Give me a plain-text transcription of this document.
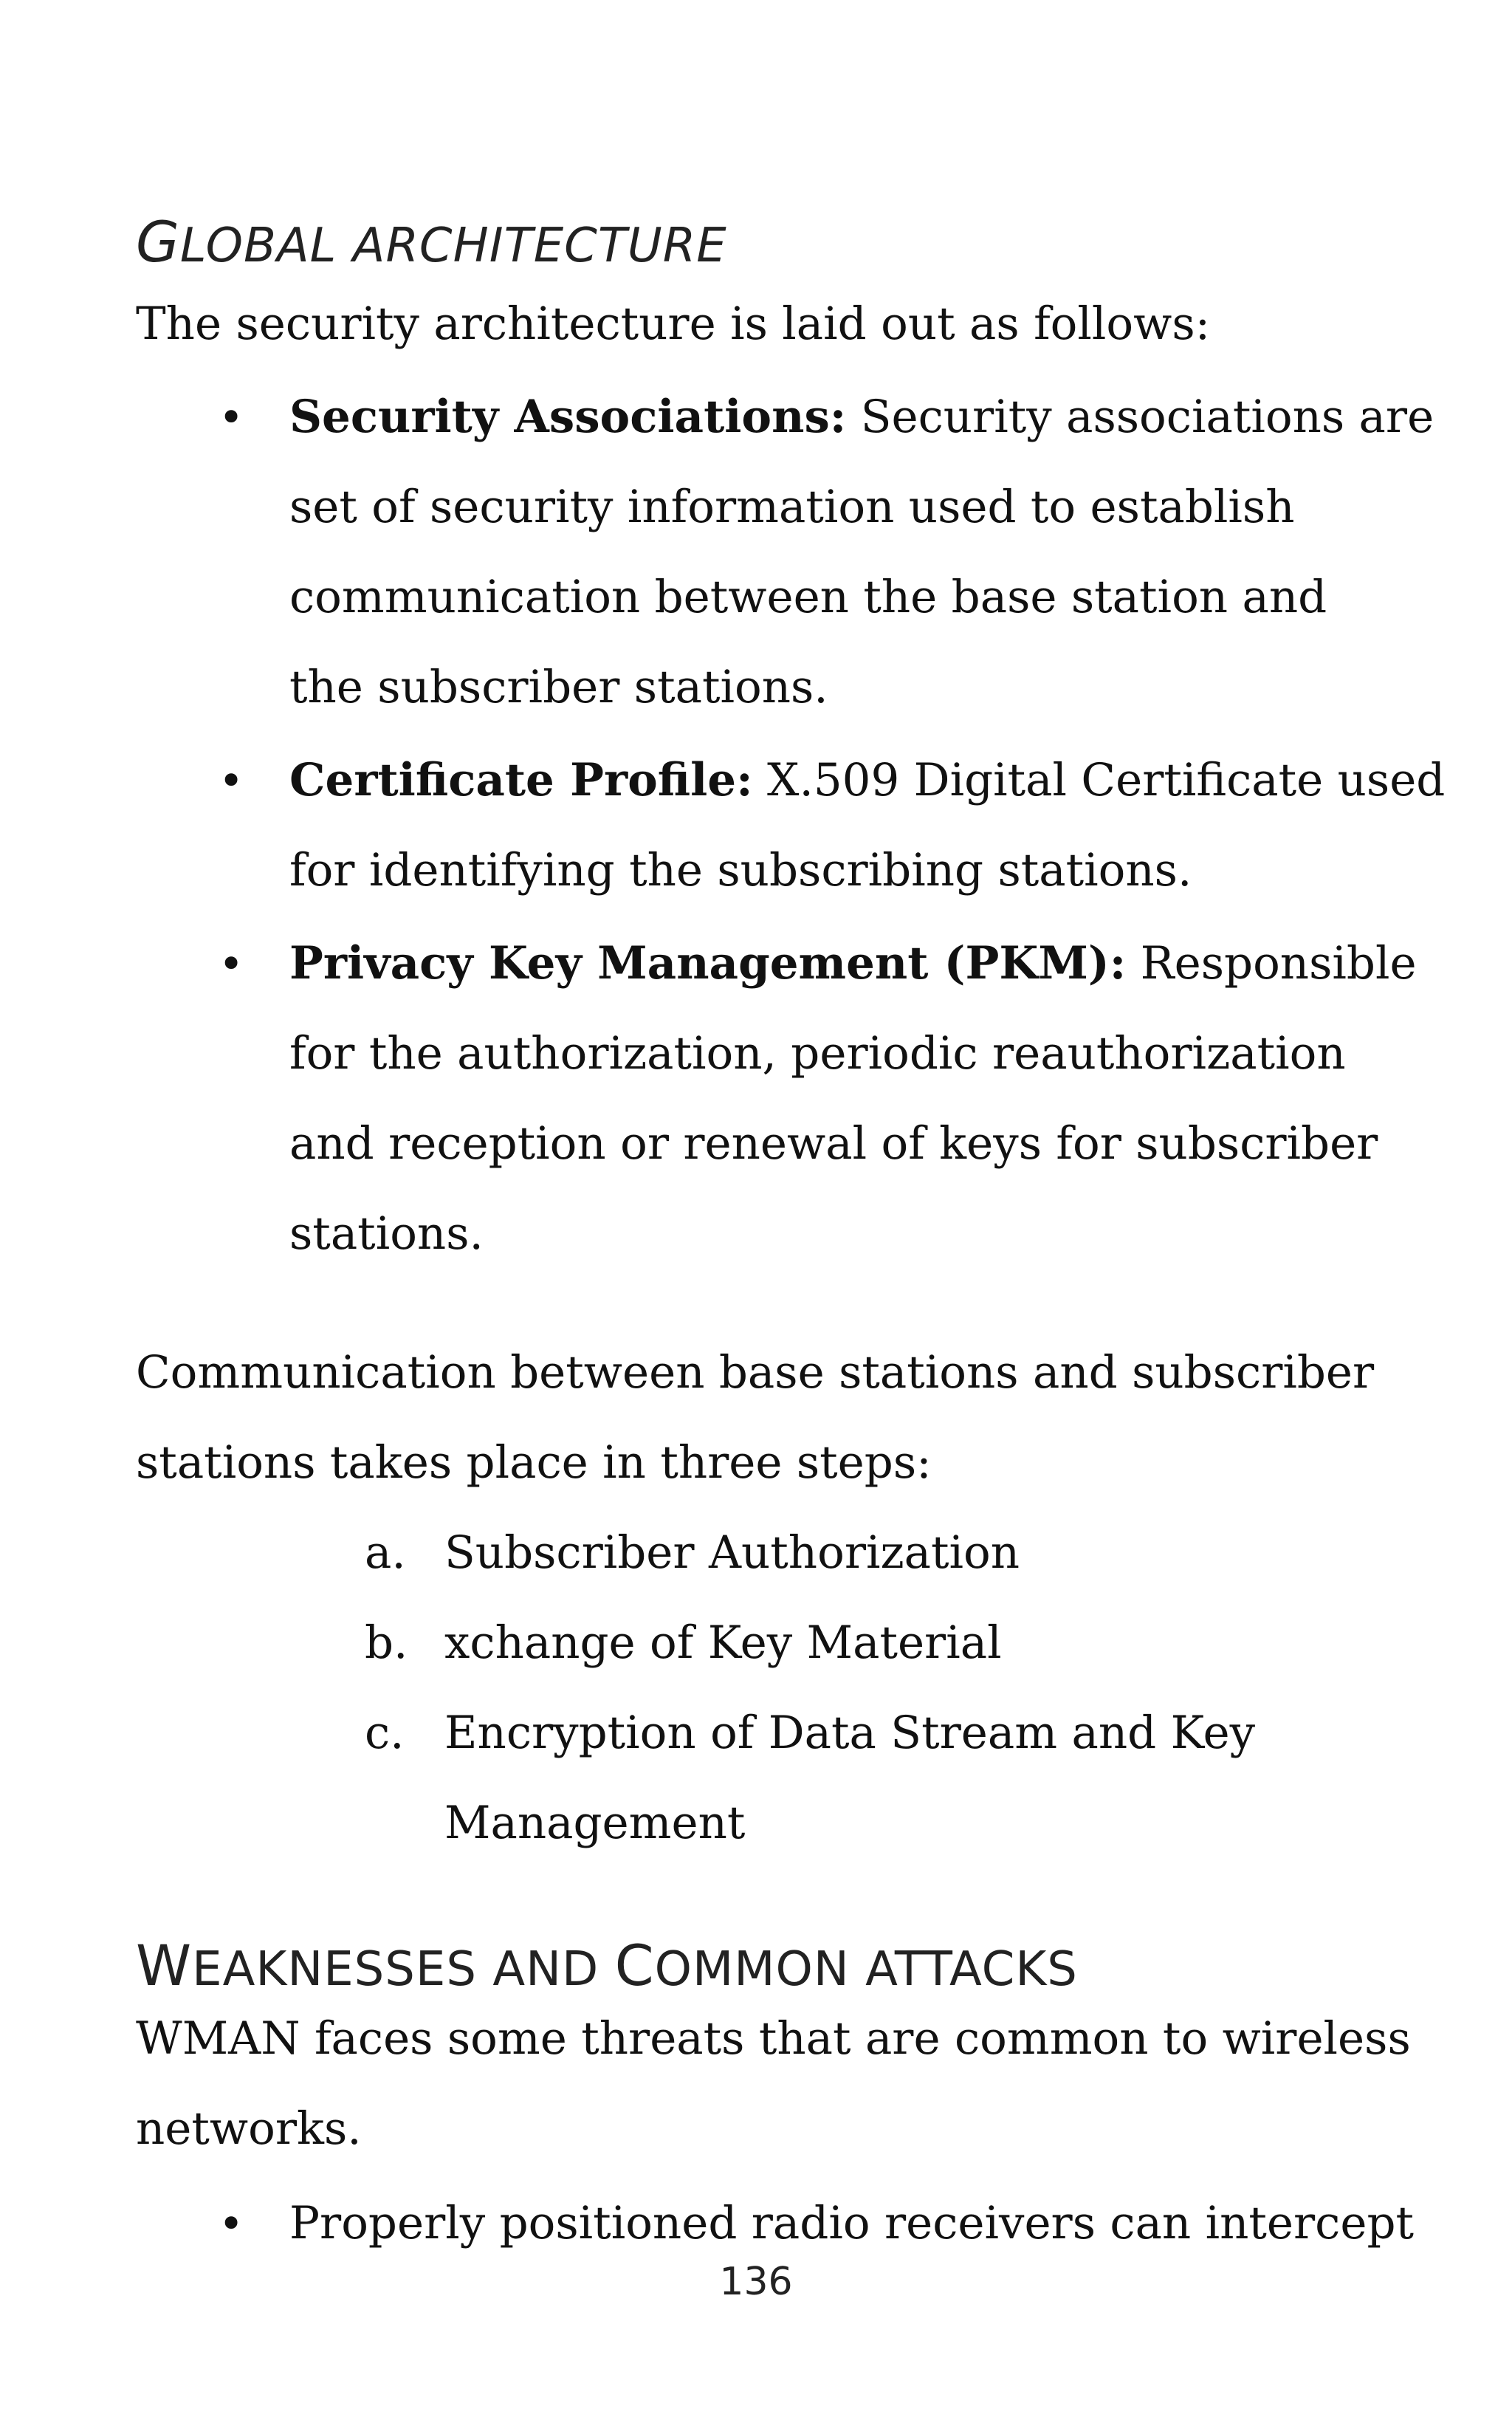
GLOBAL ARCHITECTURE

The security architecture is laid out as follows:

• Security Associations: Security associations are

set of security information used to establish

communication between the base station and

the subscriber stations.

• Certificate Profile: X.509 Digital Certificate used

for identifying the subscribing stations.

• Privacy Key Management (PKM): Responsible

for the authorization, periodic reauthorization

and reception or renewal of keys for subscriber

stations.

Communication between base stations and subscriber

stations takes place in three steps:

a. Subscriber Authorization

b. xchange of Key Material

c. Encryption of Data Stream and Key

Management

WEAKNESSES AND COMMON ATTACKS

WMAN faces some threats that are common to wireless

networks.

• Properly positioned radio receivers can intercept

136
